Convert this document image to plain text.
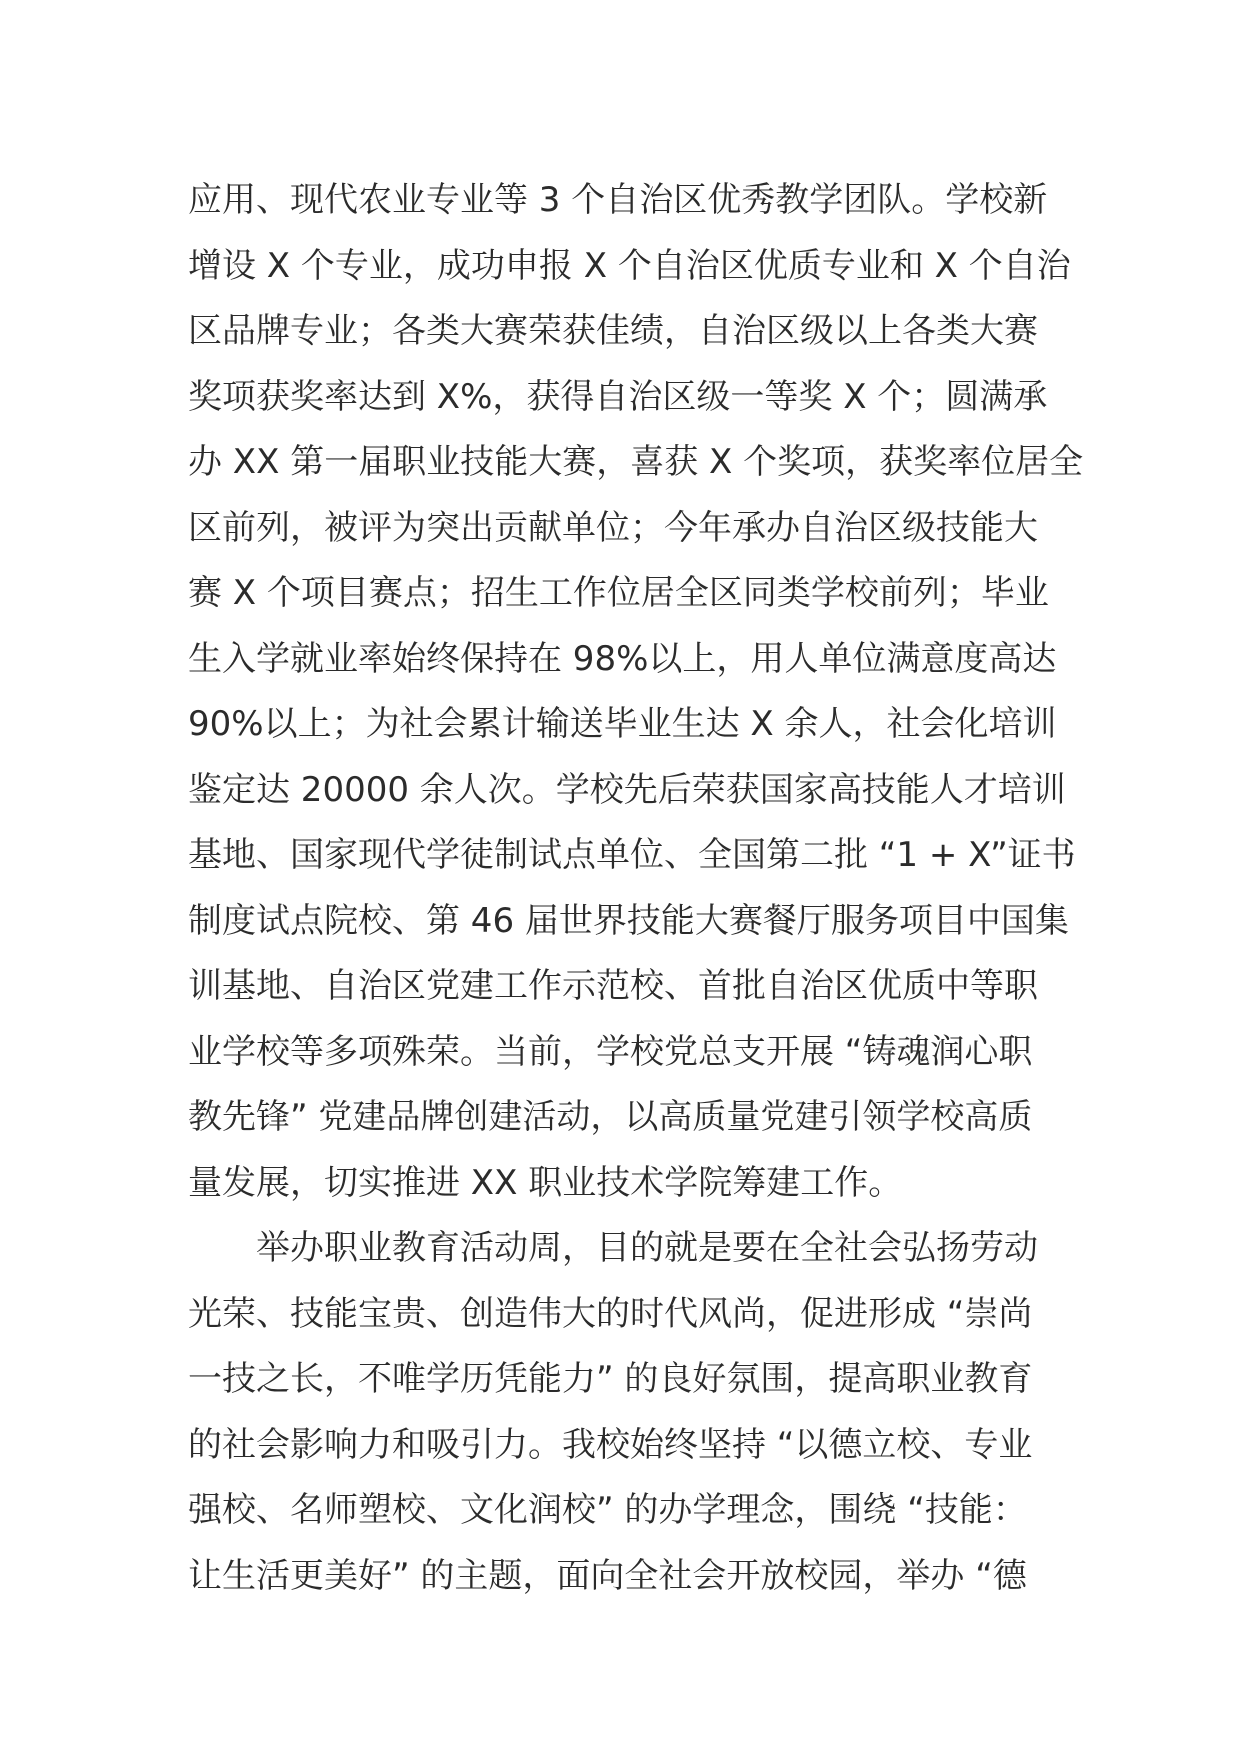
应用、现代农业专业等 3 个自治区优秀教学团队。学校新
增设 X 个专业，成功申报 X 个自治区优质专业和 X 个自治
区品牌专业；各类大赛荣获佳绩，自治区级以上各类大赛
奖项获奖率达到 X%，获得自治区级一等奖 X 个；圆满承
办 XX 第一届职业技能大赛，喜获 X 个奖项，获奖率位居全
区前列，被评为突出贡献单位；今年承办自治区级技能大
赛 X 个项目赛点；招生工作位居全区同类学校前列；毕业
生入学就业率始终保持在 98%以上，用人单位满意度高达
90%以上；为社会累计输送毕业生达 X 余人，社会化培训
鉴定达 20000 余人次。学校先后荣获国家高技能人才培训
基地、国家现代学徒制试点单位、全国第二批 “1 + X”证书
制度试点院校、第 46 届世界技能大赛餐厅服务项目中国集
训基地、自治区党建工作示范校、首批自治区优质中等职
业学校等多项殊荣。当前，学校党总支开展 “铸魂润心职
教先锋” 党建品牌创建活动，以高质量党建引领学校高质
量发展，切实推进 XX 职业技术学院筹建工作。
举办职业教育活动周，目的就是要在全社会弘扬劳动
光荣、技能宝贵、创造伟大的时代风尚，促进形成 “崇尚
一技之长，不唯学历凭能力” 的良好氛围，提高职业教育
的社会影响力和吸引力。我校始终坚持 “以德立校、专业
强校、名师塑校、文化润校” 的办学理念，围绕 “技能：
让生活更美好” 的主题，面向全社会开放校园，举办 “德
